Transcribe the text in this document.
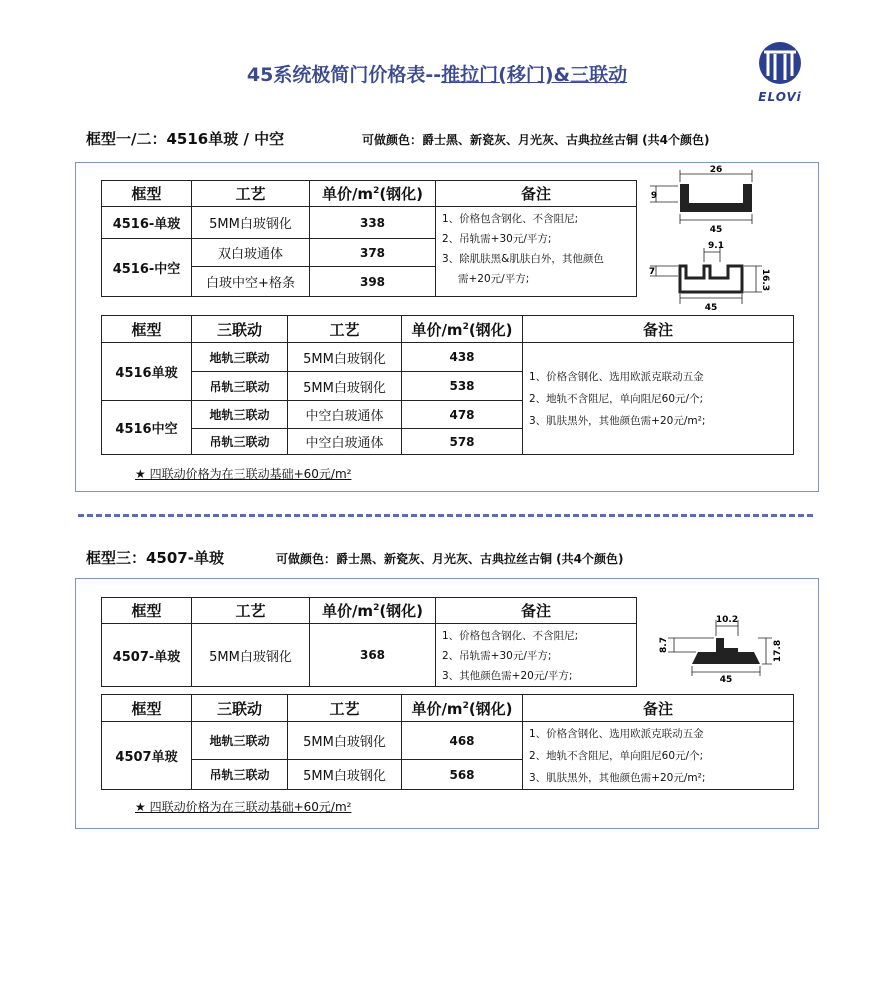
45系统极简门价格表--推拉门(移门)&三联动
ELOVi
框型一/二：4516单玻 / 中空	可做颜色：爵士黑、新瓷灰、月光灰、古典拉丝古铜 (共4个颜色)
框型	工艺	单价$/m^2$(钢化)	备注
4516-单玻	5MM白玻钢化	338	1、价格包含钢化、不含阻尼;
2、吊轨需+30元/平方;
3、除肌肤黑&肌肤白外，其他颜色
需+20元/平方;

4516-中空	双白玻通体	378	
	白玻中空+格条	398	
26
45
9
9.1
45
7	16.3
框型	三联动	工艺	单价$/m^2$(钢化)	备注
4516单玻	地轨三联动	5MM白玻钢化	438	1、价格含钢化、选用欧派克联动五金
2、地轨不含阻尼，单向阻尼60元/个;
3、肌肤黑外，其他颜色需+20元/m²;

	吊轨三联动	5MM白玻钢化	538	
4516中空	地轨三联动	中空白玻通体	478	
	吊轨三联动	中空白玻通体	578	
★ 四联动价格为在三联动基础+60元/m²
框型三：4507-单玻	可做颜色：爵士黑、新瓷灰、月光灰、古典拉丝古铜 (共4个颜色)
框型	工艺	单价$/m^2$(钢化)	备注
4507-单玻	5MM白玻钢化	368	1、价格包含钢化、不含阻尼;
2、吊轨需+30元/平方;
3、其他颜色需+20元/平方;
10.2
45
8.7	17.8
框型	三联动	工艺	单价$/m^2$(钢化)	备注
4507单玻	地轨三联动	5MM白玻钢化	468	1、价格含钢化、选用欧派克联动五金
2、地轨不含阻尼，单向阻尼60元/个;
3、肌肤黑外，其他颜色需+20元/m²;

	吊轨三联动	5MM白玻钢化	568	
★ 四联动价格为在三联动基础+60元/m²
